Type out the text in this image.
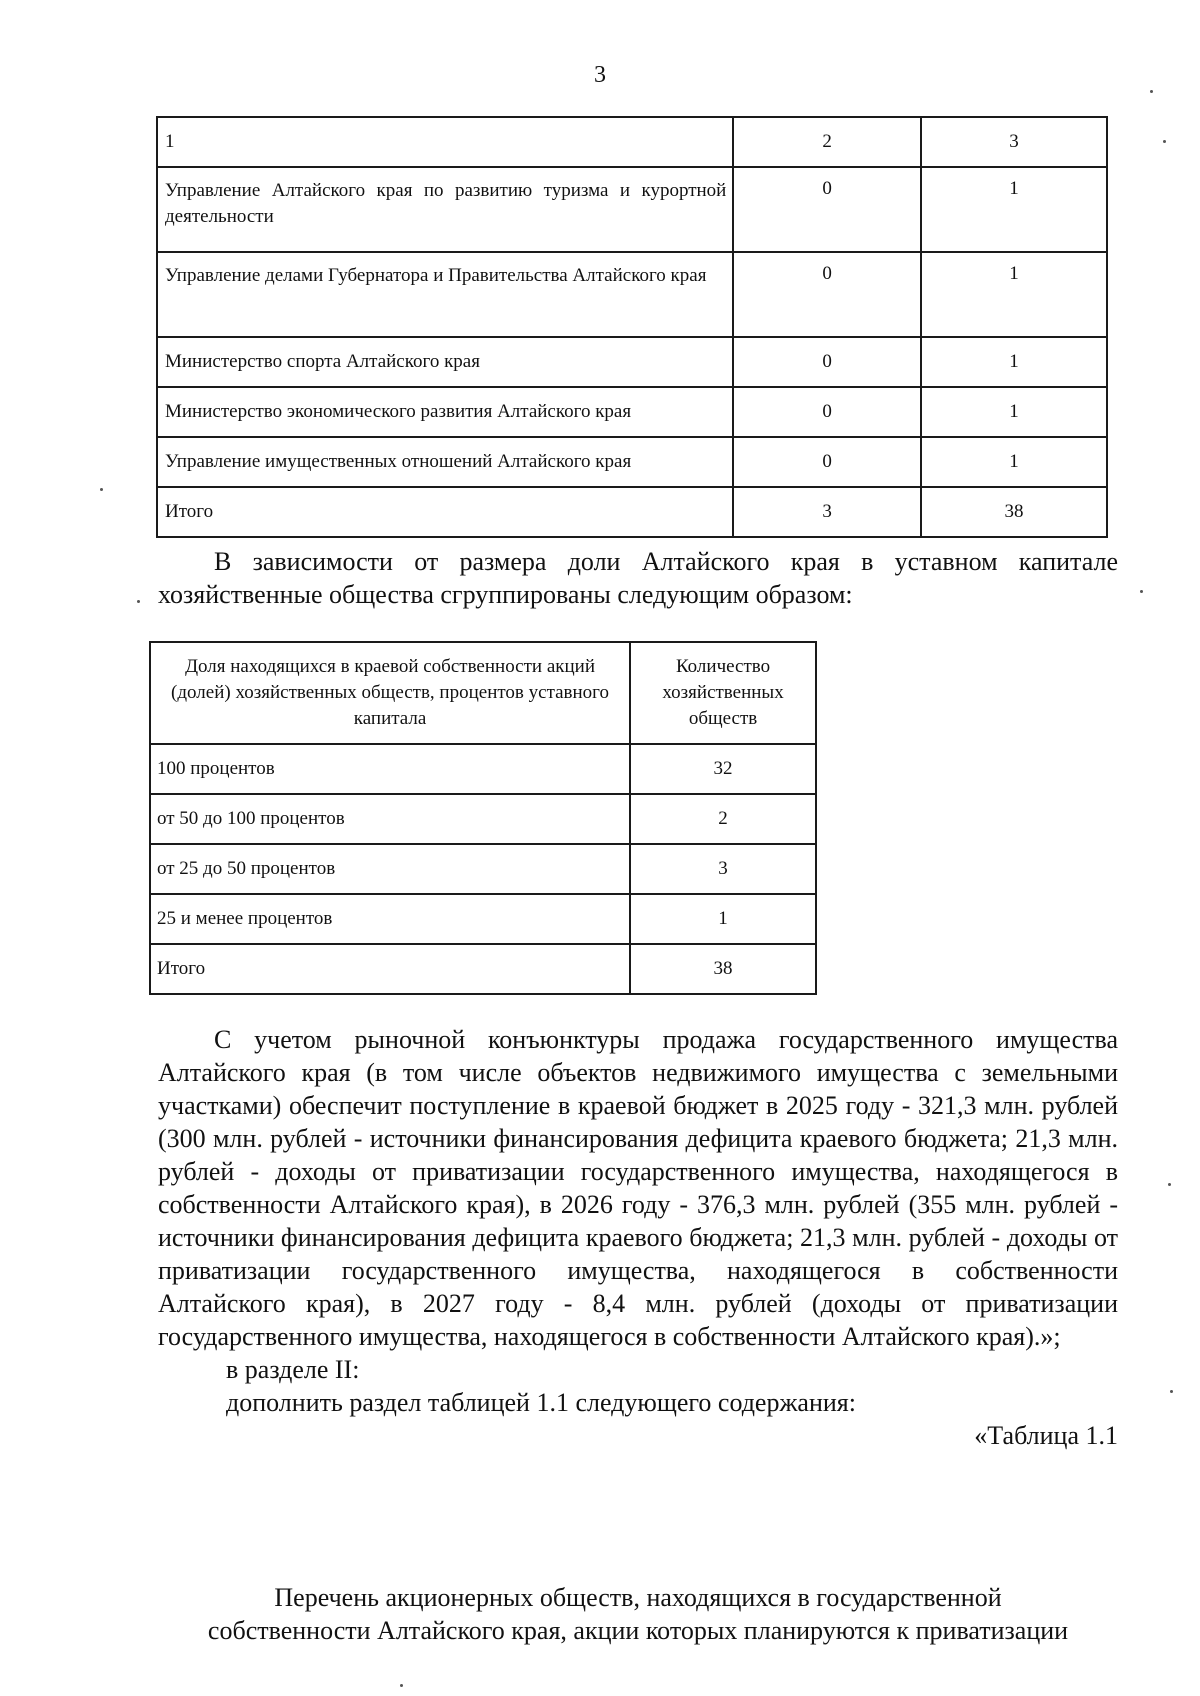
3
1	2	3
Управление Алтайского края по развитию туризма и курортной деятельности	0	1
Управление делами Губернатора и Правительства Алтайского края	0	1
Министерство спорта Алтайского края	0	1
Министерство экономического развития Алтайского края	0	1
Управление имущественных отношений Алтайского края	0	1
Итого	3	38

В зависимости от размера доли Алтайского края в уставном капитале хозяйственные общества сгруппированы следующим образом:

Доля находящихся в краевой собственности акций (долей) хозяйственных обществ, процентов уставного капитала	Количество хозяйственных обществ
100 процентов	32
от 50 до 100 процентов	2
от 25 до 50 процентов	3
25 и менее процентов	1
Итого	38

С учетом рыночной конъюнктуры продажа государственного имущества Алтайского края (в том числе объектов недвижимого имущества с земельными участками) обеспечит поступление в краевой бюджет в 2025 году - 321,3 млн. рублей (300 млн. рублей - источники финансирования дефицита краевого бюджета; 21,3 млн. рублей - доходы от приватизации государственного имущества, находящегося в собственности Алтайского края), в 2026 году - 376,3 млн. рублей (355 млн. рублей - источники финансирования дефицита краевого бюджета; 21,3 млн. рублей - доходы от приватизации государственного имущества, находящегося в собственности Алтайского края), в 2027 году - 8,4 млн. рублей (доходы от приватизации государственного имущества, находящегося в собственности Алтайского края).»;

в разделе II:

дополнить раздел таблицей 1.1 следующего содержания:

«Таблица 1.1

Перечень акционерных обществ, находящихся в государственной

собственности Алтайского края, акции которых планируются к приватизации
